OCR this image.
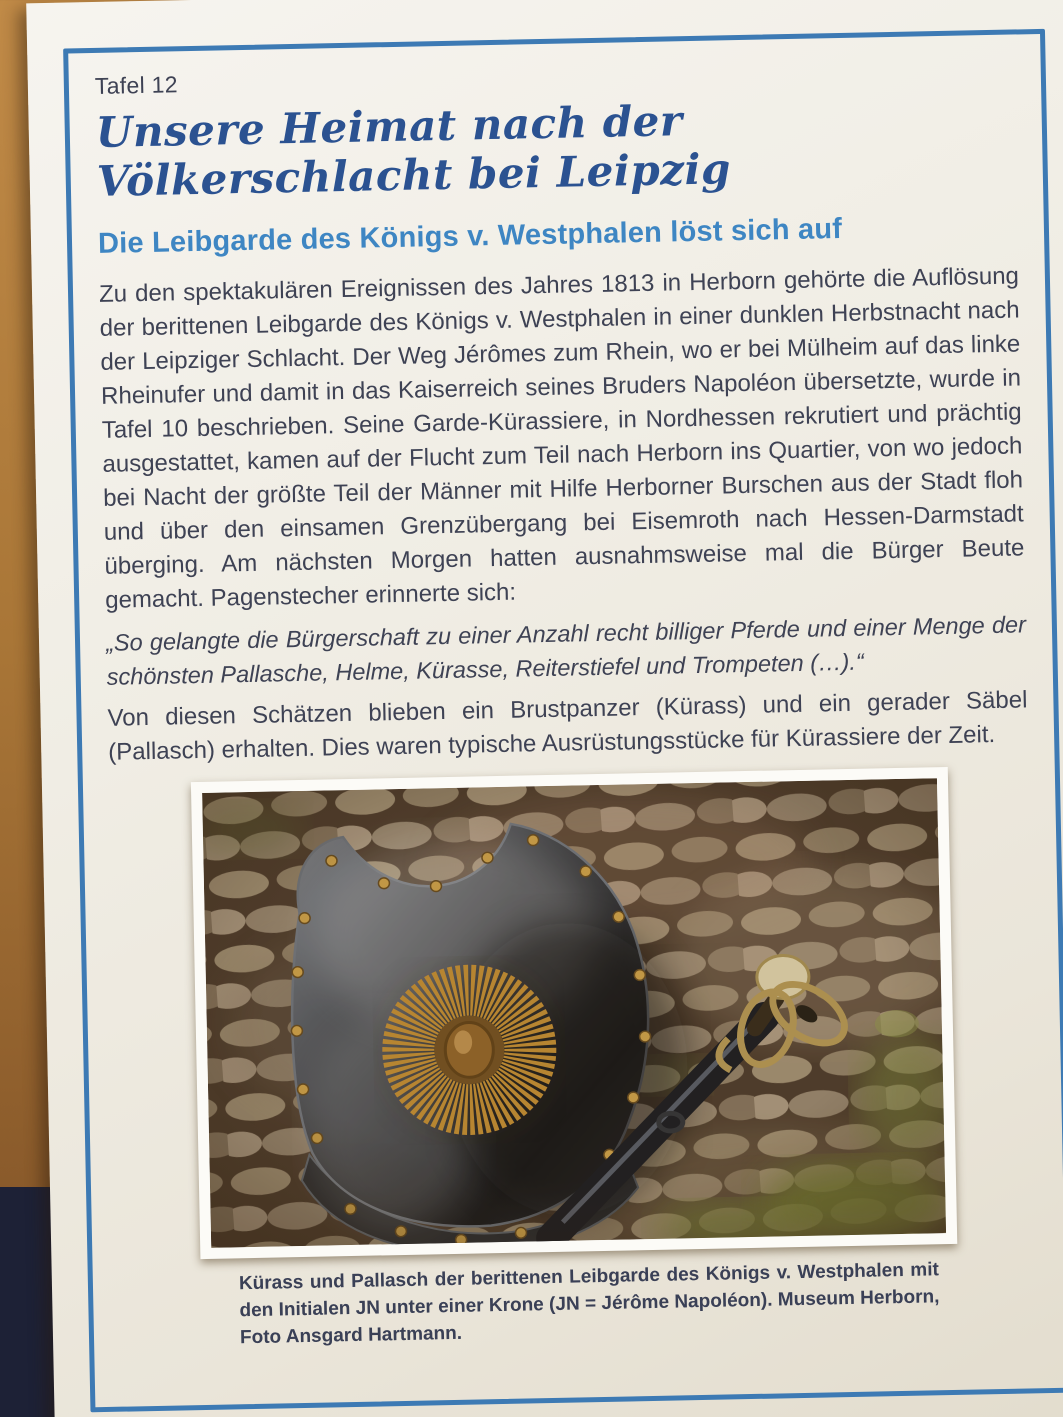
Tafel 12
Unsere Heimat nach der Völkerschlacht bei Leipzig
Die Leibgarde des Königs v. Westphalen löst sich auf

Zu den spektakulären Ereignissen des Jahres 1813 in Herborn gehörte die Auflösung der berittenen Leibgarde des Königs v. Westphalen in einer dunklen Herbstnacht nach der Leipziger Schlacht. Der Weg Jérômes zum Rhein, wo er bei Mülheim auf das linke Rheinufer und damit in das Kaiserreich seines Bruders Napoléon übersetzte, wurde in Tafel 10 beschrieben. Seine Garde-Kürassiere, in Nordhessen rekrutiert und prächtig ausgestattet, kamen auf der Flucht zum Teil nach Herborn ins Quartier, von wo jedoch bei Nacht der größte Teil der Männer mit Hilfe Herborner Burschen aus der Stadt floh und über den einsamen Grenzübergang bei Eisemroth nach Hessen-Darmstadt überging. Am nächsten Morgen hatten ausnahmsweise mal die Bürger Beute gemacht. Pagenstecher erinnerte sich:

„So gelangte die Bürgerschaft zu einer Anzahl recht billiger Pferde und einer Menge der schönsten Pallasche, Helme, Kürasse, Reiterstiefel und Trompeten (…).“

Von diesen Schätzen blieben ein Brustpanzer (Kürass) und ein gerader Säbel (Pallasch) erhalten. Dies waren typische Ausrüstungsstücke für Kürassiere der Zeit.

Kürass und Pallasch der berittenen Leibgarde des Königs v. Westphalen mit den Initialen JN unter einer Krone (JN = Jérôme Napoléon). Museum Herborn, Foto Ansgard Hartmann.
